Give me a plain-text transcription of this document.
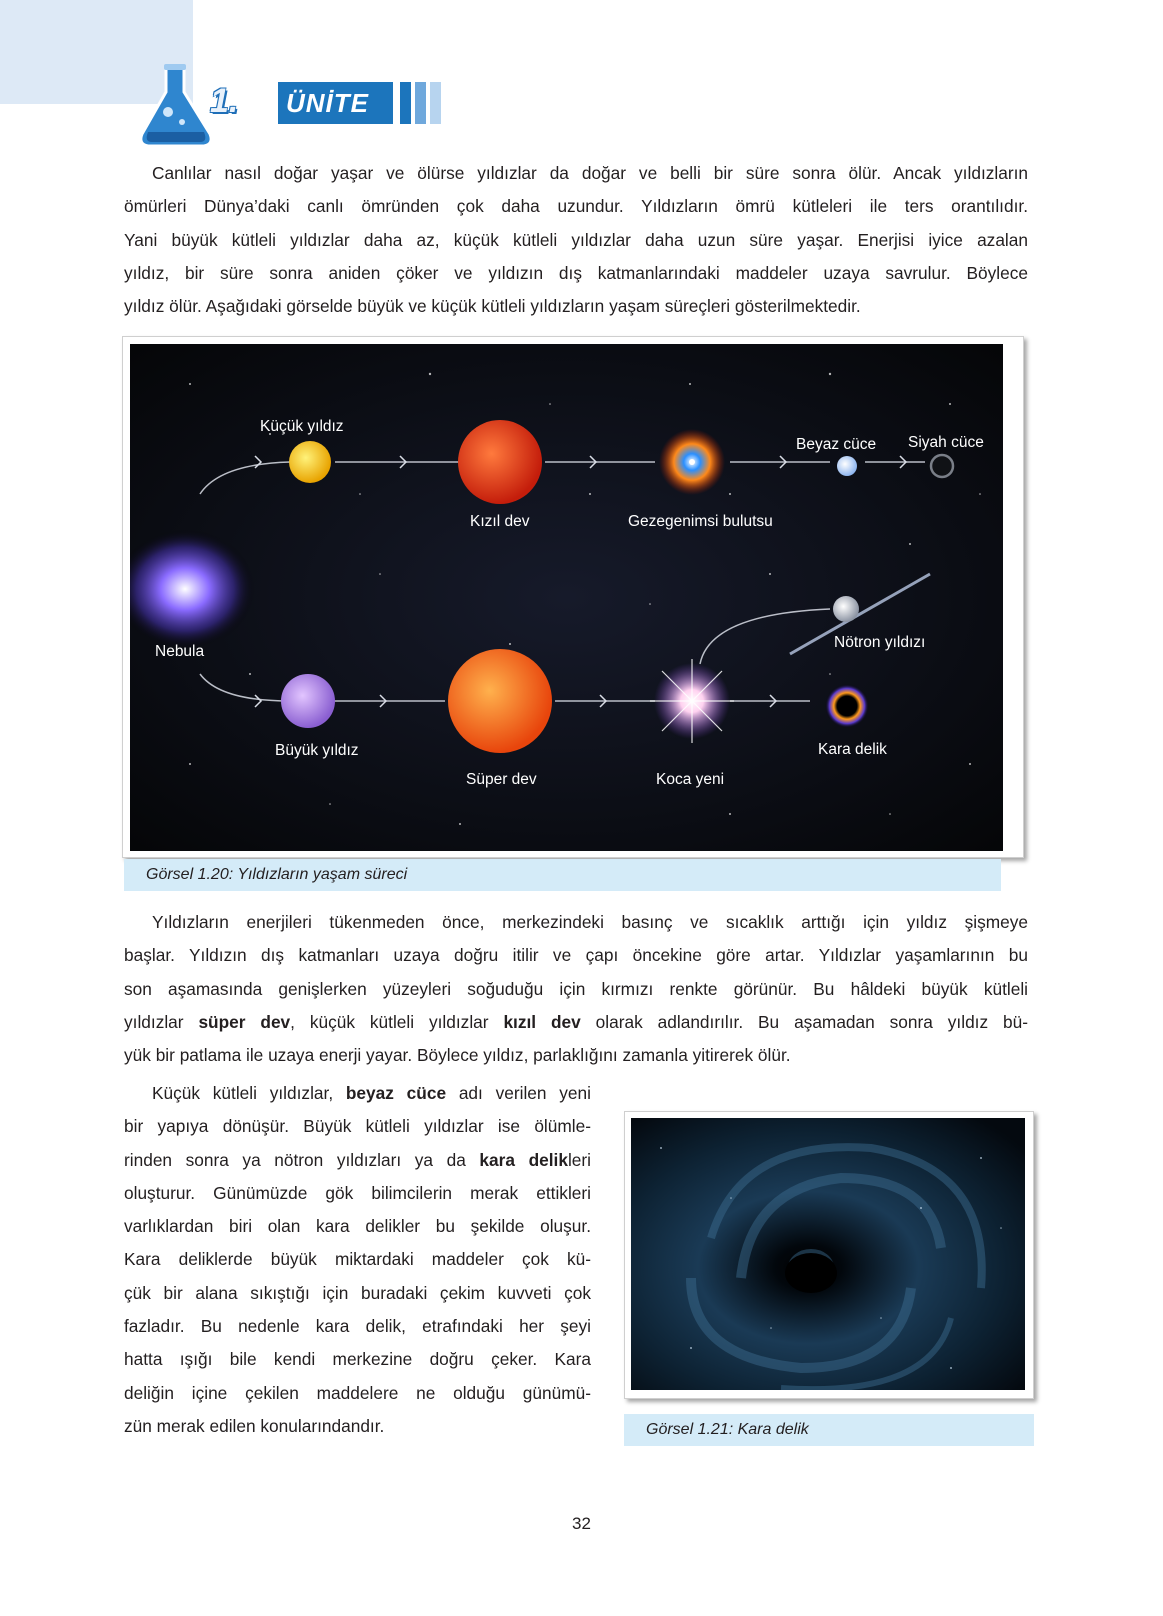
1. ÜNİTE
Canlılar nasıl doğar yaşar ve ölürse yıldızlar da doğar ve belli bir süre sonra ölür. Ancak yıldızların
ömürleri Dünya’daki canlı ömründen çok daha uzundur. Yıldızların ömrü kütleleri ile ters orantılıdır.
Yani büyük kütleli yıldızlar daha az, küçük kütleli yıldızlar daha uzun süre yaşar. Enerjisi iyice azalan
yıldız, bir süre sonra aniden çöker ve yıldızın dış katmanlarındaki maddeler uzaya savrulur. Böylece
yıldız ölür. Aşağıdaki görselde büyük ve küçük kütleli yıldızların yaşam süreçleri gösterilmektedir.
Küçük yıldız
Kızıl dev	Gezegenimsi bulutsu
Beyaz cüce Siyah cüce
Nebula
Nötron yıldızı
Büyük yıldız
Süper dev	Koca yeni
Kara delik
Görsel 1.20: Yıldızların yaşam süreci
Yıldızların enerjileri tükenmeden önce, merkezindeki basınç ve sıcaklık arttığı için yıldız şişmeye
başlar. Yıldızın dış katmanları uzaya doğru itilir ve çapı öncekine göre artar. Yıldızlar yaşamlarının bu
son aşamasında genişlerken yüzeyleri soğuduğu için kırmızı renkte görünür. Bu hâldeki büyük kütleli
yıldızlar süper dev, küçük kütleli yıldızlar kızıl dev olarak adlandırılır. Bu aşamadan sonra yıldız bü-
yük bir patlama ile uzaya enerji yayar. Böylece yıldız, parlaklığını zamanla yitirerek ölür.
Küçük kütleli yıldızlar, beyaz cüce adı verilen yeni
bir yapıya dönüşür. Büyük kütleli yıldızlar ise ölümle-
rinden sonra ya nötron yıldızları ya da kara delikleri
oluşturur. Günümüzde gök bilimcilerin merak ettikleri
varlıklardan biri olan kara delikler bu şekilde oluşur.
Kara deliklerde büyük miktardaki maddeler çok kü-
çük bir alana sıkıştığı için buradaki çekim kuvveti çok
fazladır. Bu nedenle kara delik, etrafındaki her şeyi
hatta ışığı bile kendi merkezine doğru çeker. Kara
deliğin içine çekilen maddelere ne olduğu günümü-
zün merak edilen konularındandır.	Görsel 1.21: Kara delik
32
